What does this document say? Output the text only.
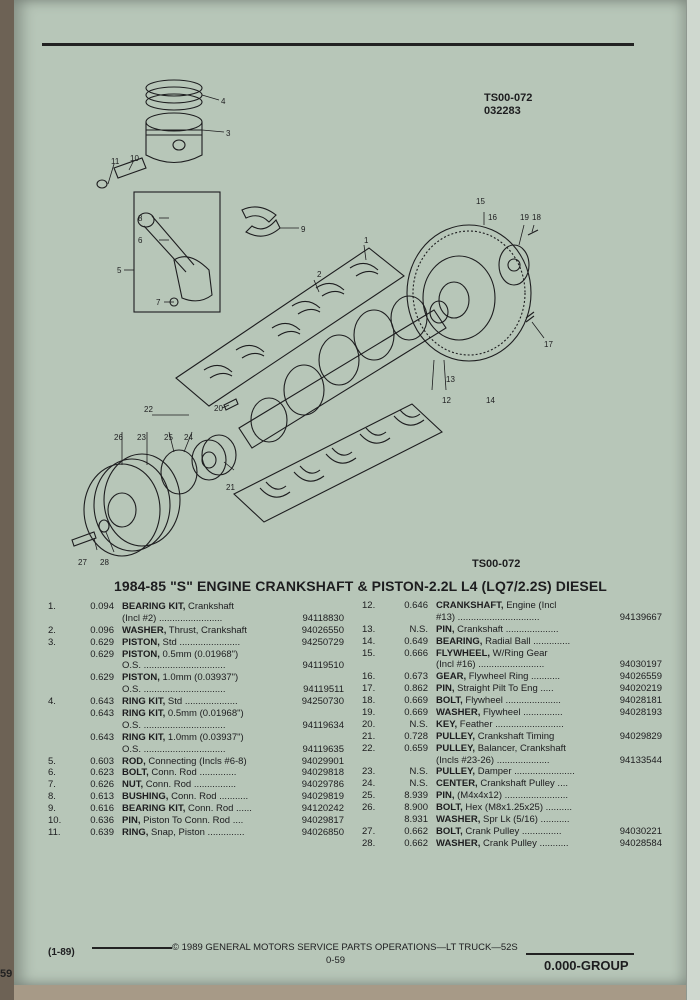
59
TS00-072
032283
4
3
11 10
8
6
5
7
9
1
2
15
16	19 18
17
13
12	14
20
22
26 23 25 24
21
27 28	TS00-072
1984-85 "S" ENGINE CRANKSHAFT & PISTON-2.2L L4 (LQ7/2.2S) DIESEL
1.	0.094 BEARING KIT, Crankshaft
(Incl #2) ........................	94118830
2.	0.096 WASHER, Thrust, Crankshaft	94026550
3.	0.629 PISTON, Std .......................	94250729
0.629 PISTON, 0.5mm (0.01968")
O.S. ...............................	94119510
0.629 PISTON, 1.0mm (0.03937")
O.S. ...............................	94119511
4.	0.643 RING KIT, Std ....................	94250730
0.643 RING KIT, 0.5mm (0.01968")
O.S. ...............................	94119634
0.643 RING KIT, 1.0mm (0.03937")
O.S. ...............................	94119635
5.	0.603 ROD, Connecting (Incls #6-8)	94029901
6.	0.623 BOLT, Conn. Rod ..............	94029818
7.	0.626 NUT, Conn. Rod ................	94029786
8.	0.613 BUSHING, Conn. Rod ...........	94029819
9.	0.616 BEARING KIT, Conn. Rod ......	94120242
10.	0.636 PIN, Piston To Conn. Rod ....	94029817
11.	0.639 RING, Snap, Piston ..............	94026850
12.	0.646 CRANKSHAFT, Engine (Incl
#13) ...............................	94139667
13.	N.S. PIN, Crankshaft ....................
14.	0.649 BEARING, Radial Ball ..............
15.	0.666 FLYWHEEL, W/Ring Gear
(Incl #16) .........................	94030197
16.	0.673 GEAR, Flywheel Ring ...........	94026559
17.	0.862 PIN, Straight Pilt To Eng .....	94020219
18.	0.669 BOLT, Flywheel .....................	94028181
19.	0.669 WASHER, Flywheel ...............	94028193
20.	N.S. KEY, Feather ..........................
21.	0.728 PULLEY, Crankshaft Timing	94029829
22.	0.659 PULLEY, Balancer, Crankshaft
(Incls #23-26) ....................	94133544
23.	N.S. PULLEY, Damper .......................
24.	N.S. CENTER, Crankshaft Pulley ....
25.	8.939 PIN, (M4x4x12) ........................
26.	8.900 BOLT, Hex (M8x1.25x25) ..........
8.931 WASHER, Spr Lk (5/16) ...........
27.	0.662 BOLT, Crank Pulley ...............	94030221
28.	0.662 WASHER, Crank Pulley ...........	94028584
(1-89)	© 1989 GENERAL MOTORS SERVICE PARTS OPERATIONS—LT TRUCK—52S
0-59	0.000-GROUP
